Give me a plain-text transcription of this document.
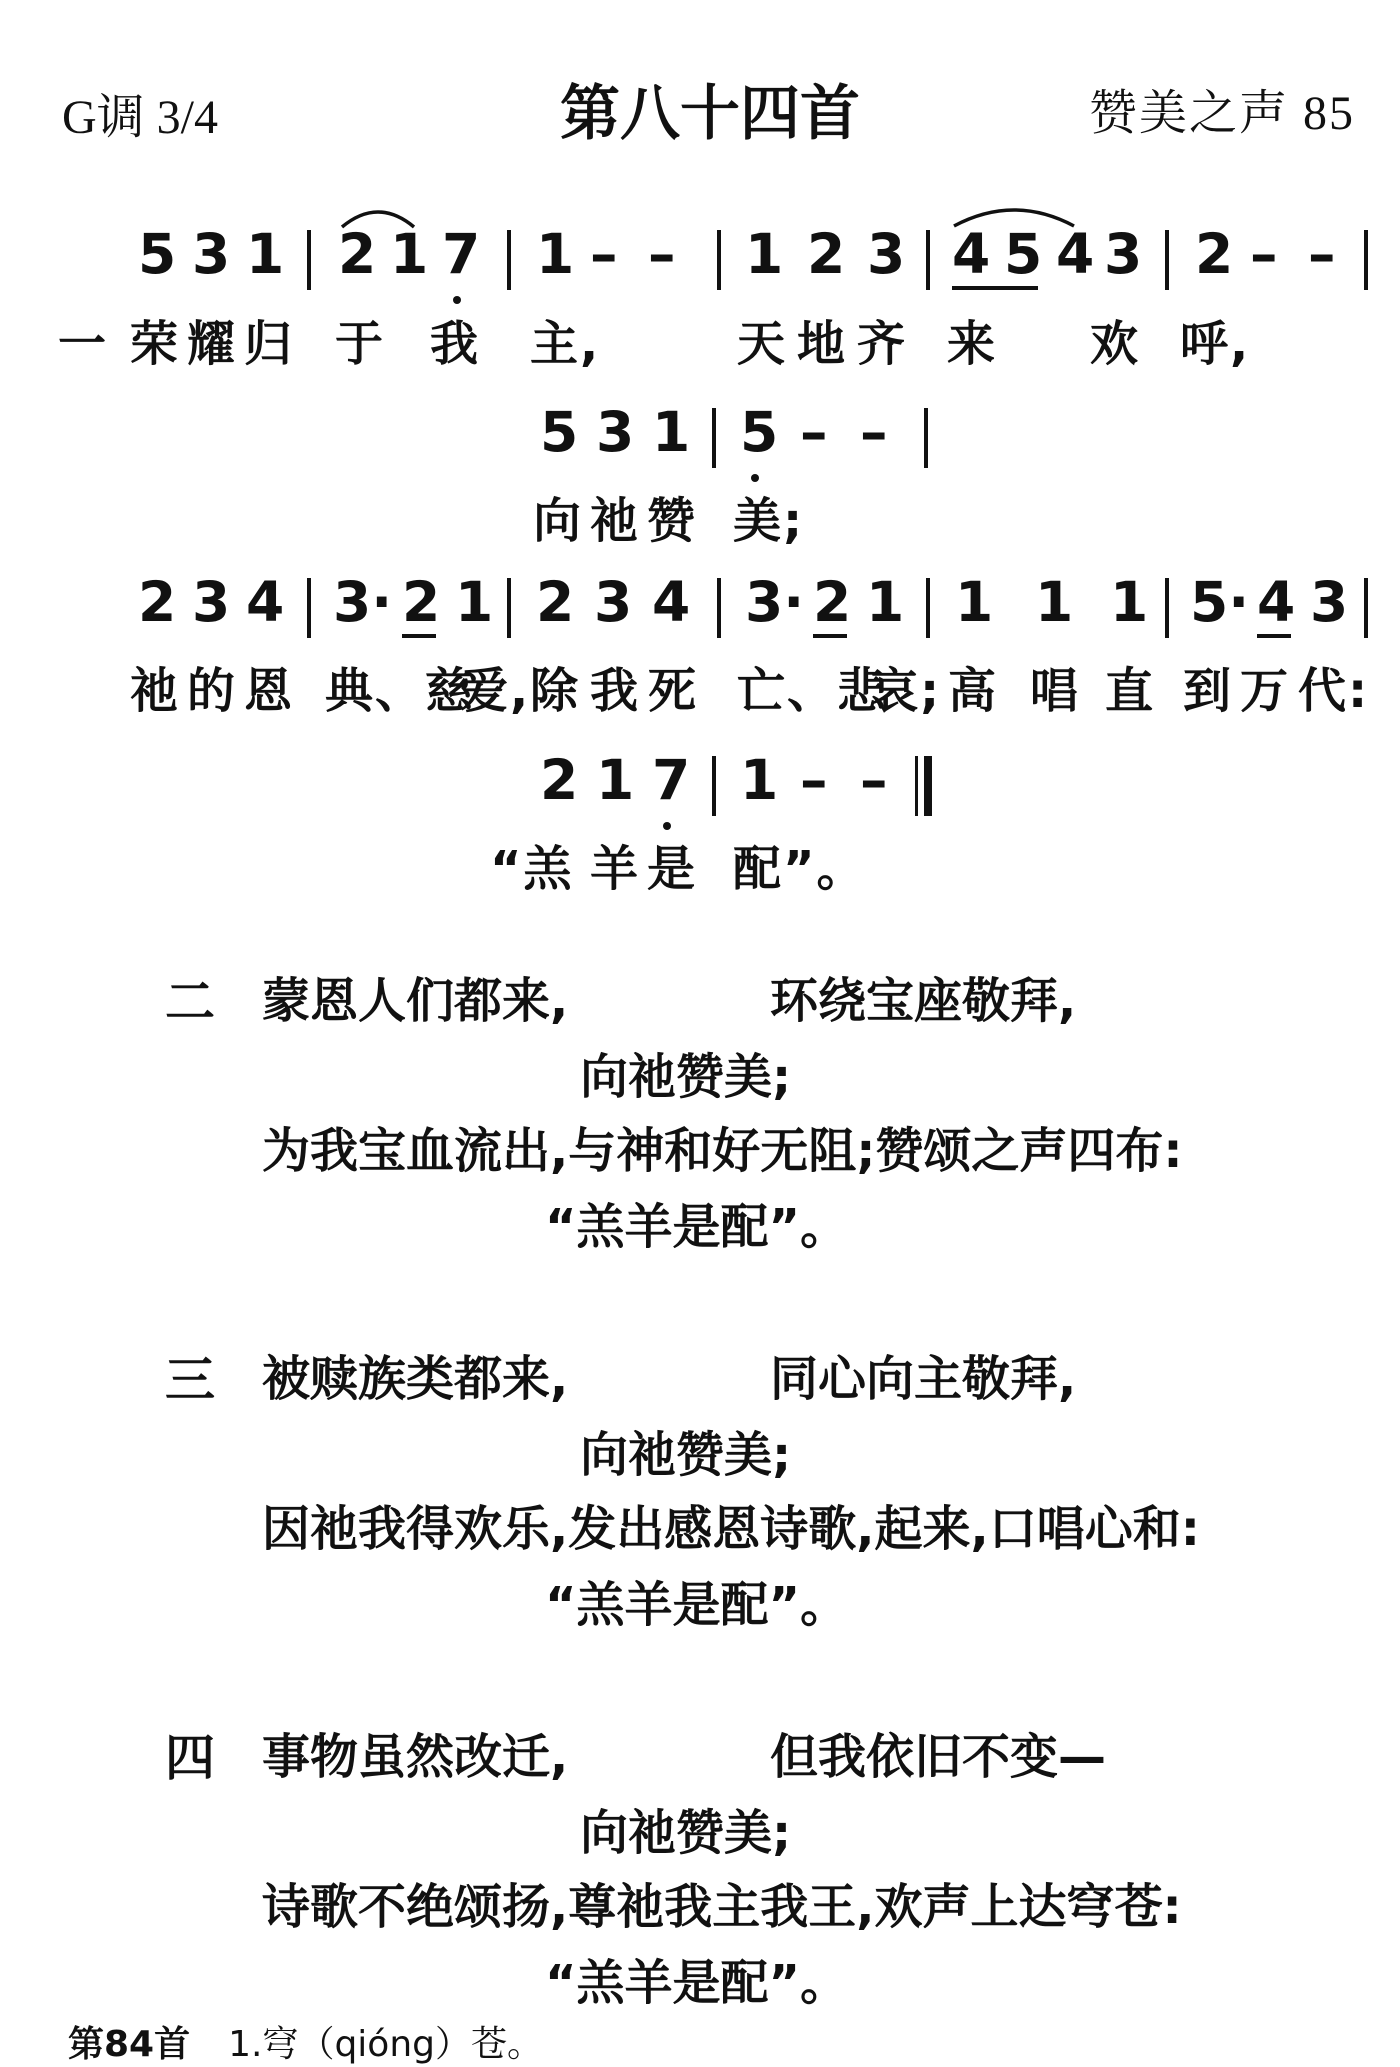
G调 3/4	第八十四首	赞美之声 85
5 3 1 2 1 7 1 – – 1 2 3 4 5 4 3 2 – –
一 荣 耀 归 于 我 主,	天 地 齐 来 欢 呼,
5 3 1 5 – –
向 祂 赞 美;
2 3 4 3· 2 1 2 3 4 3· 2 1 1 1 1 5· 4 3
祂 的 恩 典、慈
爱, 除 我 死 亡、悲
哀; 高 唱 直 到 万 代:
2 1 7 1 – –
“羔 羊 是 配”。
二 蒙恩人们都来,	环绕宝座敬拜,
向祂赞美;
为我宝血流出,与神和好无阻;赞颂之声四布:
“羔羊是配”。
三 被赎族类都来,	同心向主敬拜,
向祂赞美;
因祂我得欢乐,发出感恩诗歌,起来,口唱心和:
“羔羊是配”。
四 事物虽然改迁,	但我依旧不变—
向祂赞美;
诗歌不绝颂扬,尊祂我主我王,欢声上达穹苍:
“羔羊是配”。
第84首 1.穹（qióng）苍。
